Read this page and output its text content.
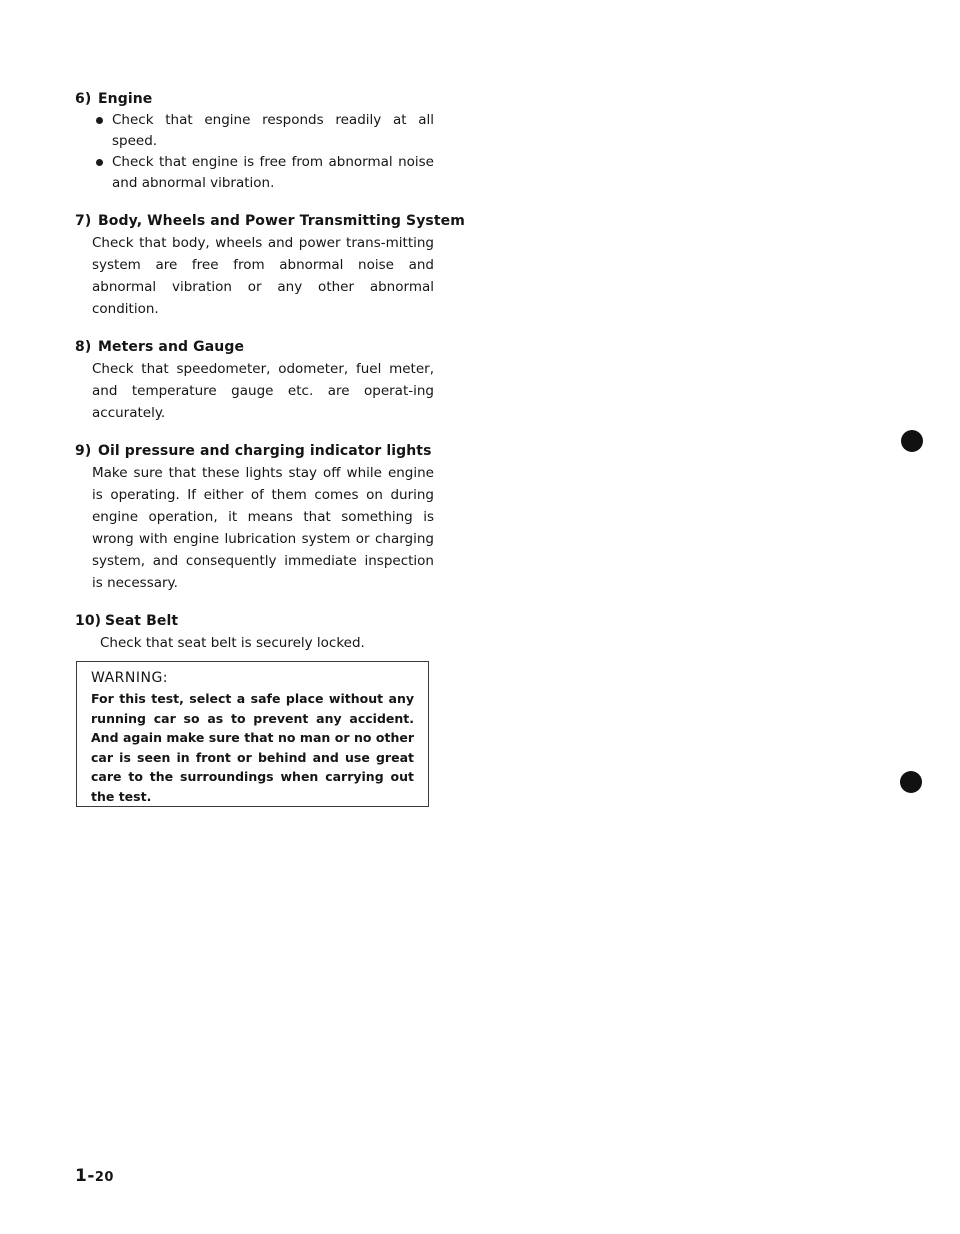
6) Engine
Check that engine responds readily at all speed.
Check that engine is free from abnormal noise and abnormal vibration.
7) Body, Wheels and Power Transmitting System
Check that body, wheels and power trans-mitting system are free from abnormal noise and abnormal vibration or any other abnormal condition.
8) Meters and Gauge
Check that speedometer, odometer, fuel meter, and temperature gauge etc. are operat-ing accurately.
9) Oil pressure and charging indicator lights
Make sure that these lights stay off while engine is operating. If either of them comes on during engine operation, it means that something is wrong with engine lubrication system or charging system, and consequently immediate inspection is necessary.
10) Seat Belt
Check that seat belt is securely locked.
WARNING:
For this test, select a safe place without any running car so as to prevent any accident. And again make sure that no man or no other car is seen in front or behind and use great care to the surroundings when carrying out the test.
1-20
